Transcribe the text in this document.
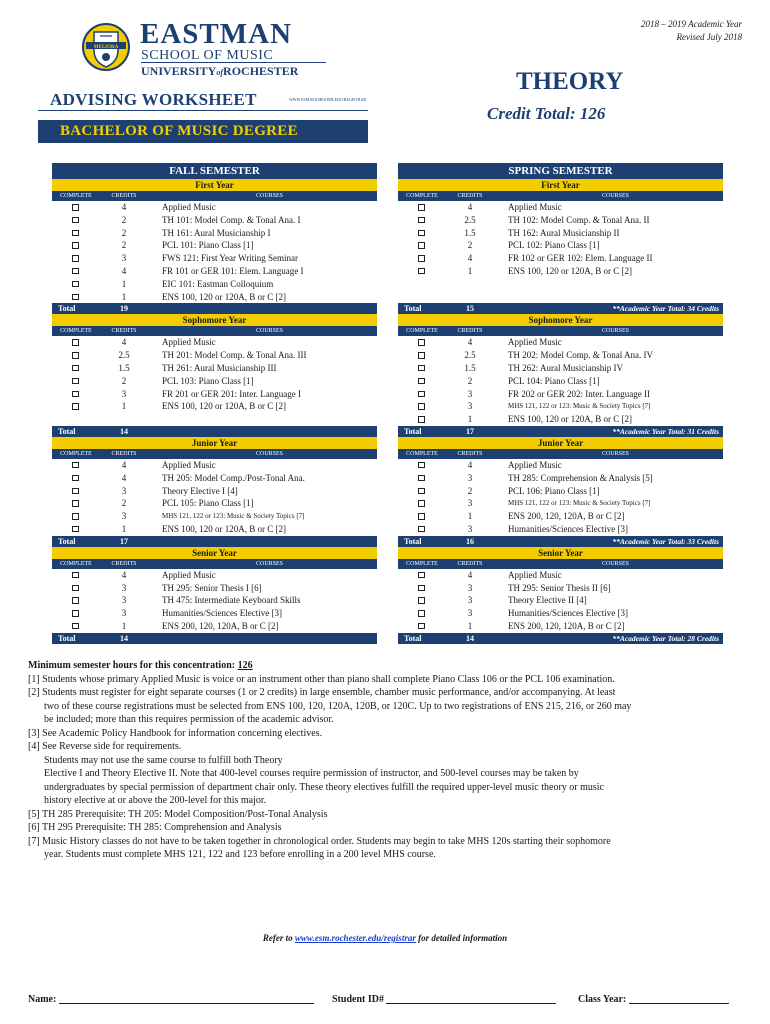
MELIORA EASTMAN
SCHOOL OF MUSIC
UNIVERSITYofROCHESTER
ADVISING WORKSHEET	WWW.ESM.ROCHESTER.EDU/REGISTRAR
BACHELOR OF MUSIC DEGREE
2018 – 2019 Academic Year
Revised July 2018
THEORY
Credit Total: 126
FALL SEMESTER
First Year
COMPLETE	CREDITS	COURSES
4	Applied Music
2	TH 101: Model Comp. & Tonal Ana. I
2	TH 161: Aural Musicianship I
2	PCL 101: Piano Class [1]
3	FWS 121: First Year Writing Seminar
4	FR 101 or GER 101: Elem. Language I
1	EIC 101: Eastman Colloquium
1	ENS 100, 120 or 120A, B or C [2]
Total	19
Sophomore Year
COMPLETE	CREDITS	COURSES
4	Applied Music
2.5	TH 201: Model Comp. & Tonal Ana. III
1.5	TH 261: Aural Musicianship III
2	PCL 103: Piano Class [1]
3	FR 201 or GER 201: Inter. Language I
1	ENS 100, 120 or 120A, B or C [2]
Total	14
Junior Year
COMPLETE	CREDITS	COURSES
4	Applied Music
4	TH 205: Model Comp./Post-Tonal Ana.
3	Theory Elective I [4]
2	PCL 105: Piano Class [1]
3	MHS 121, 122 or 123: Music & Society Topics [7]
1	ENS 100, 120 or 120A, B or C [2]
Total	17
Senior Year
COMPLETE	CREDITS	COURSES
4	Applied Music
3	TH 295: Senior Thesis I [6]
3	TH 475: Intermediate Keyboard Skills
3	Humanities/Sciences Elective [3]
1	ENS 200, 120, 120A, B or C [2]
Total	14
SPRING SEMESTER
First Year
COMPLETE	CREDITS	COURSES
4	Applied Music
2.5	TH 102: Model Comp. & Tonal Ana. II
1.5	TH 162: Aural Musicianship II
2	PCL 102: Piano Class [1]
4	FR 102 or GER 102: Elem. Language II
1	ENS 100, 120 or 120A, B or C [2]
Total	15	**Academic Year Total: 34 Credits
Sophomore Year
COMPLETE	CREDITS	COURSES
4	Applied Music
2.5	TH 202: Model Comp. & Tonal Ana. IV
1.5	TH 262: Aural Musicianship IV
2	PCL 104: Piano Class [1]
3	FR 202 or GER 202: Inter. Language II
3	MHS 121, 122 or 123: Music & Society Topics [7]
1	ENS 100, 120 or 120A, B or C [2]
Total	17	**Academic Year Total: 31 Credits
Junior Year
COMPLETE	CREDITS	COURSES
4	Applied Music
3	TH 285: Comprehension & Analysis [5]
2	PCL 106: Piano Class [1]
3	MHS 121, 122 or 123: Music & Society Topics [7]
1	ENS 200, 120, 120A, B or C [2]
3	Humanities/Sciences Elective [3]
Total	16	**Academic Year Total: 33 Credits
Senior Year
COMPLETE	CREDITS	COURSES
4	Applied Music
3	TH 295: Senior Thesis II [6]
3	Theory Elective II [4]
3	Humanities/Sciences Elective [3]
1	ENS 200, 120, 120A, B or C [2]
Total	14	**Academic Year Total: 28 Credits

Minimum semester hours for this concentration: 126

[1] Students whose primary Applied Music is voice or an instrument other than piano shall complete Piano Class 106 or the PCL 106 examination.

[2] Students must register for eight separate courses (1 or 2 credits) in large ensemble, chamber music performance, and/or accompanying. At least

two of these course registrations must be selected from ENS 100, 120, 120A, 120B, or 120C. Up to two registrations of ENS 215, 216, or 260 may

be included; more than this requires permission of the academic advisor.

[3] See Academic Policy Handbook for information concerning electives.

[4] See Reverse side for requirements.

Students may not use the same course to fulfill both Theory

Elective I and Theory Elective II. Note that 400-level courses require permission of instructor, and 500-level courses may be taken by

undergraduates by special permission of department chair only. These theory electives fulfill the required upper-level music theory or music

history elective at or above the 200-level for this major.

[5] TH 285 Prerequisite: TH 205: Model Composition/Post-Tonal Analysis

[6] TH 295 Prerequisite: TH 285: Comprehension and Analysis

[7] Music History classes do not have to be taken together in chronological order. Students may begin to take MHS 120s starting their sophomore

year. Students must complete MHS 121, 122 and 123 before enrolling in a 200 level MHS course.

Refer to www.esm.rochester.edu/registrar for detailed information
Name:	Student ID#	Class Year:
